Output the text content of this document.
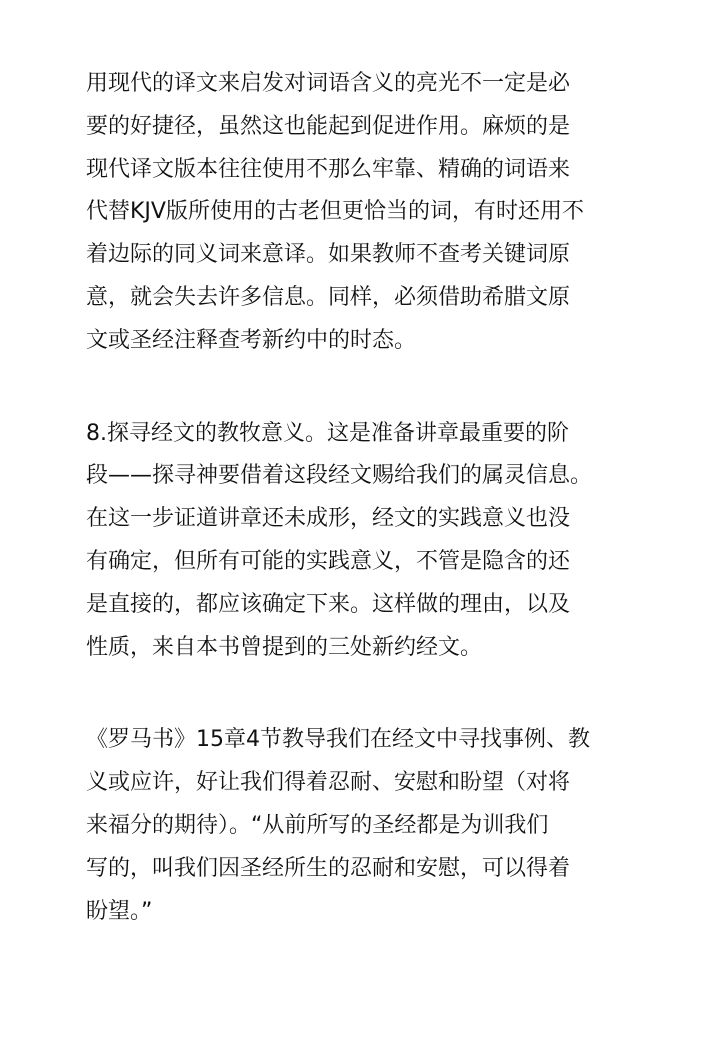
用现代的译文来启发对词语含义的亮光不一定是必
要的好捷径，虽然这也能起到促进作用。麻烦的是
现代译文版本往往使用不那么牢靠、精确的词语来
代替KJV版所使用的古老但更恰当的词，有时还用不
着边际的同义词来意译。如果教师不查考关键词原
意，就会失去许多信息。同样，必须借助希腊文原
文或圣经注释查考新约中的时态。
8.探寻经文的教牧意义。这是准备讲章最重要的阶
段——探寻神要借着这段经文赐给我们的属灵信息。
在这一步证道讲章还未成形，经文的实践意义也没
有确定，但所有可能的实践意义，不管是隐含的还
是直接的，都应该确定下来。这样做的理由，以及
性质，来自本书曾提到的三处新约经文。
《罗马书》15章4节教导我们在经文中寻找事例、教
义或应许，好让我们得着忍耐、安慰和盼望（对将
来福分的期待）。“从前所写的圣经都是为训我们
写的，叫我们因圣经所生的忍耐和安慰，可以得着
盼望。”
